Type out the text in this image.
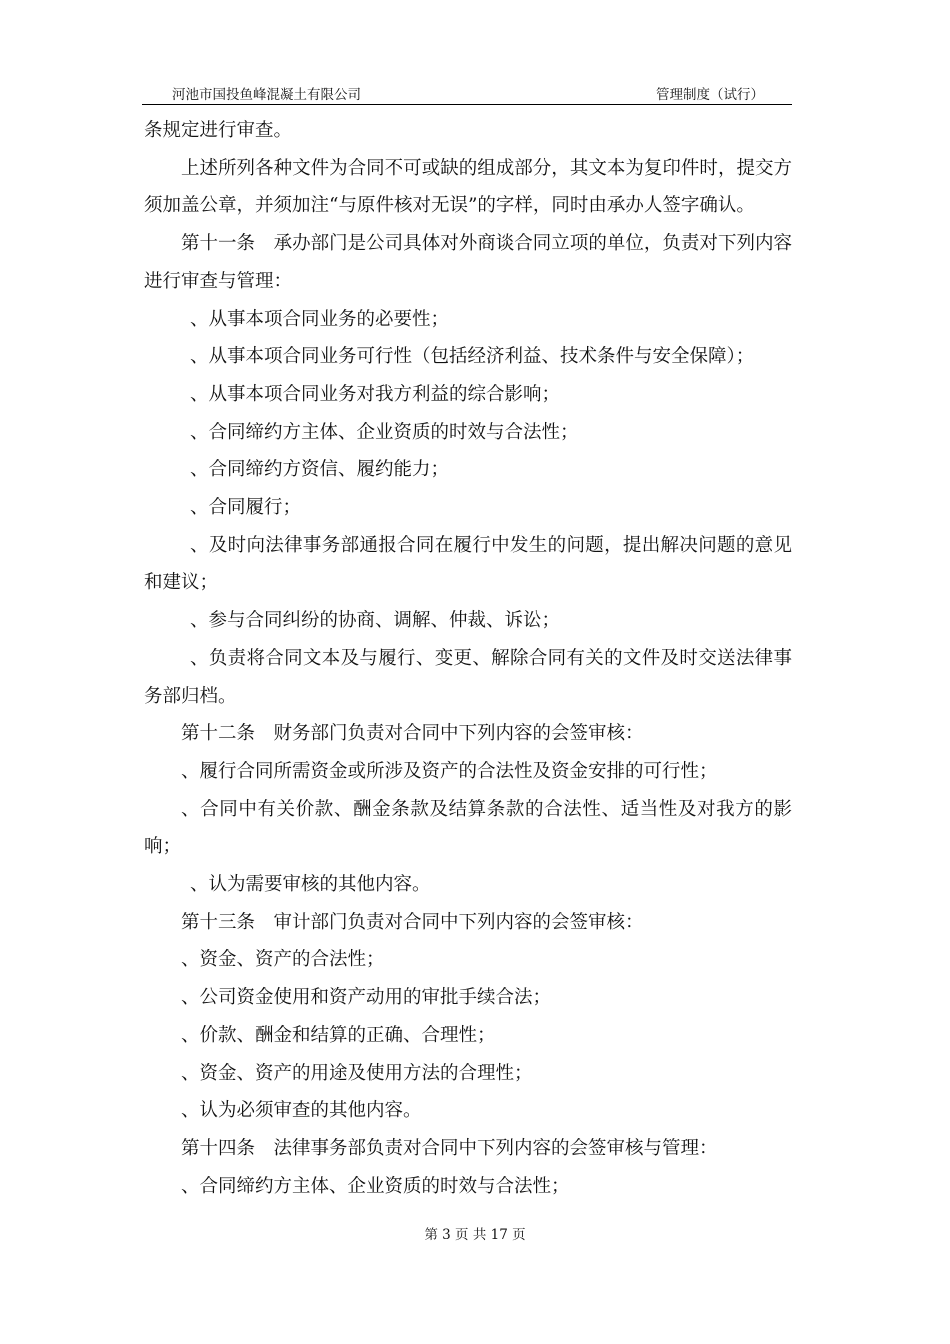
河池市国投鱼峰混凝土有限公司	管理制度（试行）

条规定进行审查。

上述所列各种文件为合同不可或缺的组成部分，其文本为复印件时，提交方须加盖公章，并须加注“与原件核对无误”的字样，同时由承办人签字确认。

第十一条　承办部门是公司具体对外商谈合同立项的单位，负责对下列内容进行审查与管理：

、从事本项合同业务的必要性；

、从事本项合同业务可行性（包括经济利益、技术条件与安全保障）；

、从事本项合同业务对我方利益的综合影响；

、合同缔约方主体、企业资质的时效与合法性；

、合同缔约方资信、履约能力；

、合同履行；

、及时向法律事务部通报合同在履行中发生的问题，提出解决问题的意见和建议；

、参与合同纠纷的协商、调解、仲裁、诉讼；

、负责将合同文本及与履行、变更、解除合同有关的文件及时交送法律事务部归档。

第十二条　财务部门负责对合同中下列内容的会签审核：

、履行合同所需资金或所涉及资产的合法性及资金安排的可行性；

、合同中有关价款、酬金条款及结算条款的合法性、适当性及对我方的影响；

、认为需要审核的其他内容。

第十三条　审计部门负责对合同中下列内容的会签审核：

、资金、资产的合法性；

、公司资金使用和资产动用的审批手续合法；

、价款、酬金和结算的正确、合理性；

、资金、资产的用途及使用方法的合理性；

、认为必须审查的其他内容。

第十四条　法律事务部负责对合同中下列内容的会签审核与管理：

、合同缔约方主体、企业资质的时效与合法性；

第 3 页 共 17 页
